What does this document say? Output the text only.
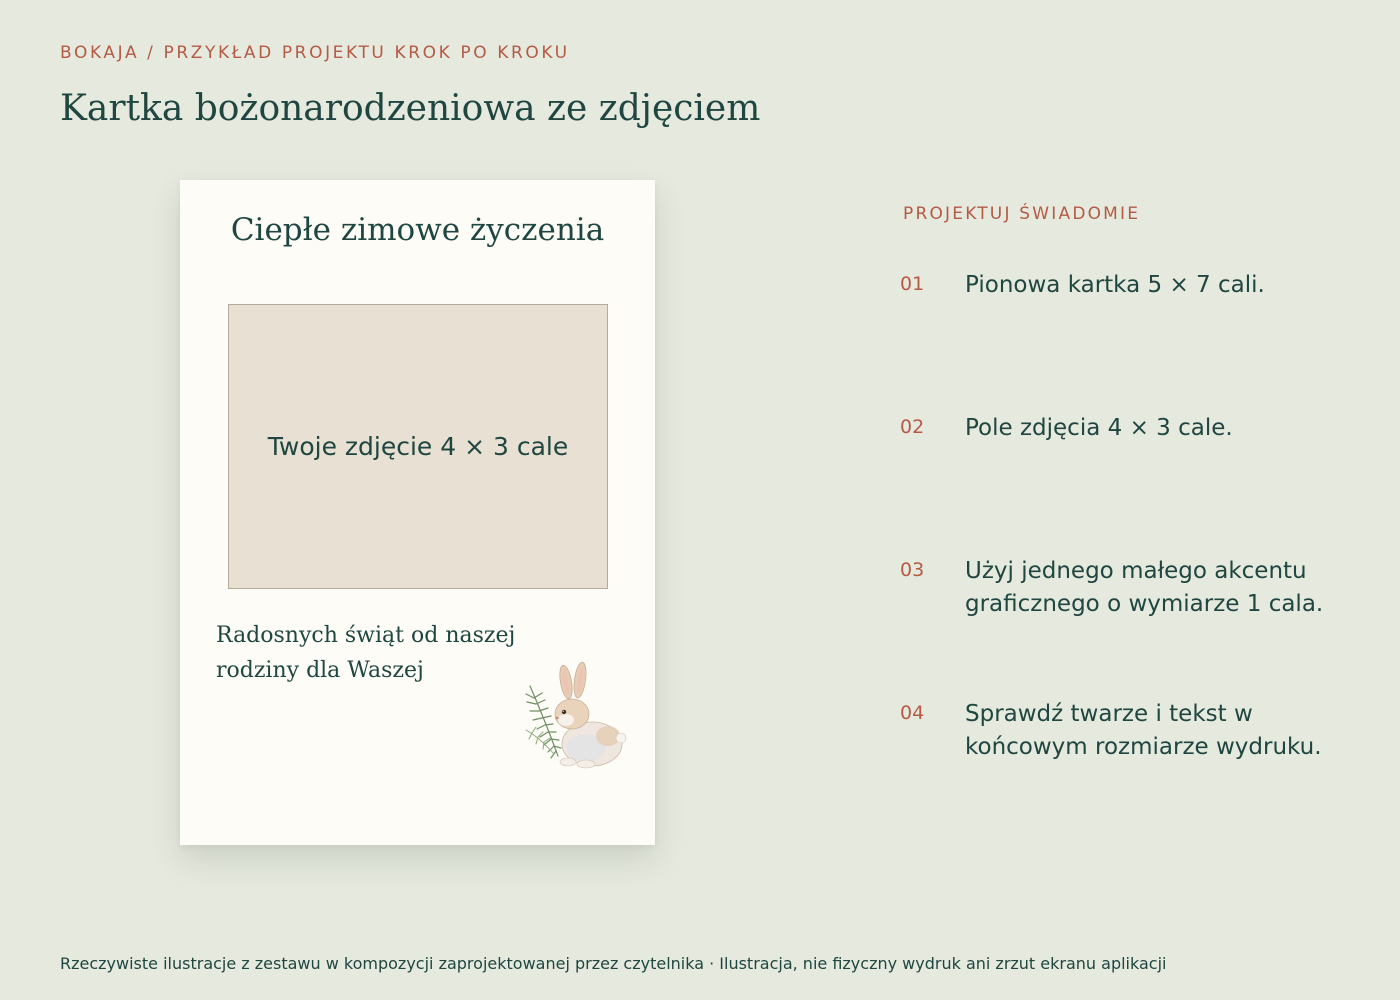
BOKAJA / PRZYKŁAD PROJEKTU KROK PO KROKU
Kartka bożonarodzeniowa ze zdjęciem
Ciepłe zimowe życzenia
Twoje zdjęcie 4 × 3 cale
Radosnych świąt od naszej rodziny dla Waszej
PROJEKTUJ ŚWIADOMIE
01 Pionowa kartka 5 × 7 cali.
02 Pole zdjęcia 4 × 3 cale.
03 Użyj jednego małego akcentu graficznego o wymiarze 1 cala.
04 Sprawdź twarze i tekst w końcowym rozmiarze wydruku.
Rzeczywiste ilustracje z zestawu w kompozycji zaprojektowanej przez czytelnika · Ilustracja, nie fizyczny wydruk ani zrzut ekranu aplikacji
